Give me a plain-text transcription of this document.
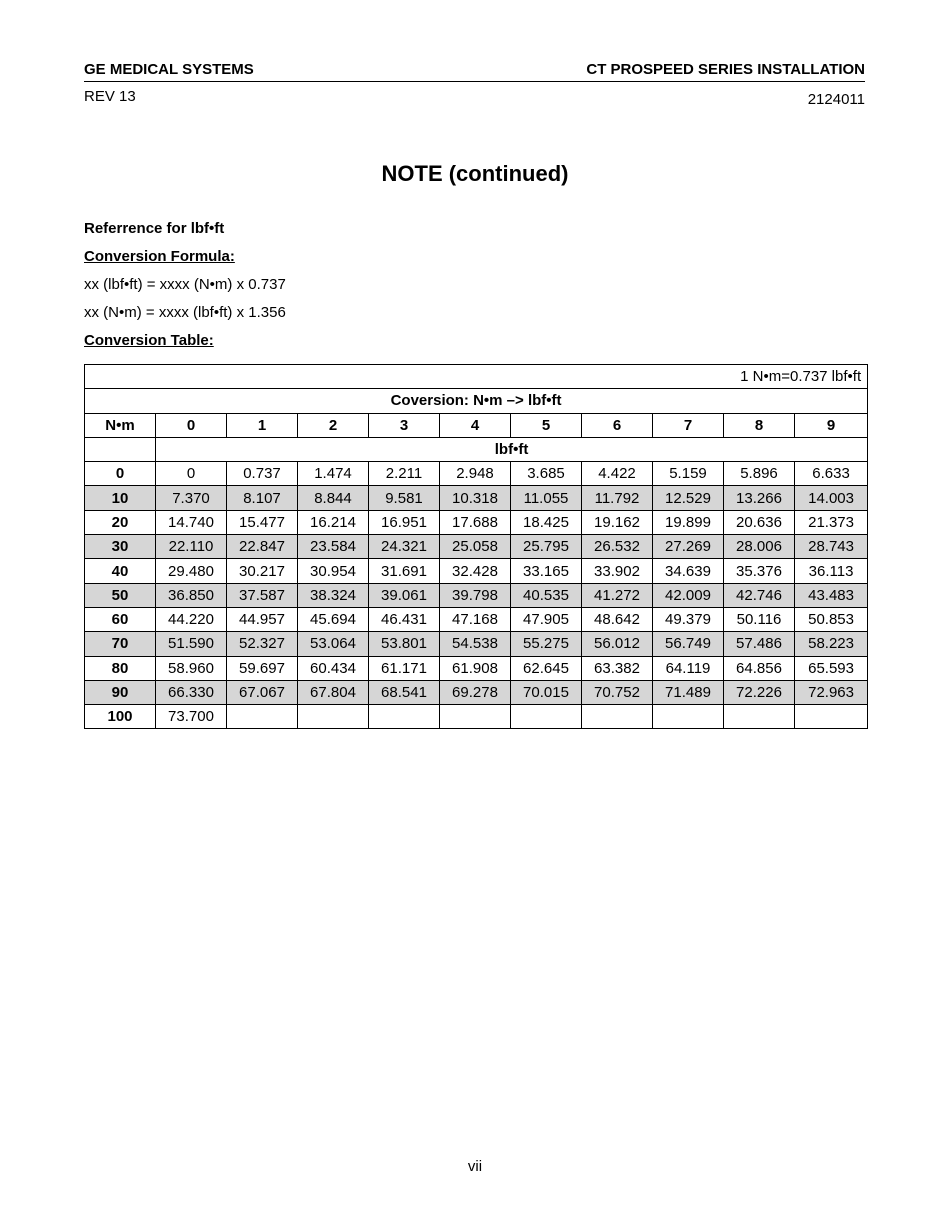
GE MEDICAL SYSTEMS	CT PROSPEED SERIES INSTALLATION
REV 13	2124011
NOTE (continued)
Referrence for lbf•ft
Conversion Formula:
xx (lbf•ft) = xxxx (N•m) x 0.737
xx (N•m) = xxxx (lbf•ft) x 1.356
Conversion Table:
1 N•m=0.737 lbf•ft										
Coversion: N•m –> lbf•ft										
N•m	0	1	2	3	4	5	6	7	8	9
	lbf•ft									
0	0	0.737	1.474	2.211	2.948	3.685	4.422	5.159	5.896	6.633
10	7.370	8.107	8.844	9.581	10.318	11.055	11.792	12.529	13.266	14.003
20	14.740	15.477	16.214	16.951	17.688	18.425	19.162	19.899	20.636	21.373
30	22.110	22.847	23.584	24.321	25.058	25.795	26.532	27.269	28.006	28.743
40	29.480	30.217	30.954	31.691	32.428	33.165	33.902	34.639	35.376	36.113
50	36.850	37.587	38.324	39.061	39.798	40.535	41.272	42.009	42.746	43.483
60	44.220	44.957	45.694	46.431	47.168	47.905	48.642	49.379	50.116	50.853
70	51.590	52.327	53.064	53.801	54.538	55.275	56.012	56.749	57.486	58.223
80	58.960	59.697	60.434	61.171	61.908	62.645	63.382	64.119	64.856	65.593
90	66.330	67.067	67.804	68.541	69.278	70.015	70.752	71.489	72.226	72.963
100	73.700									
vii
